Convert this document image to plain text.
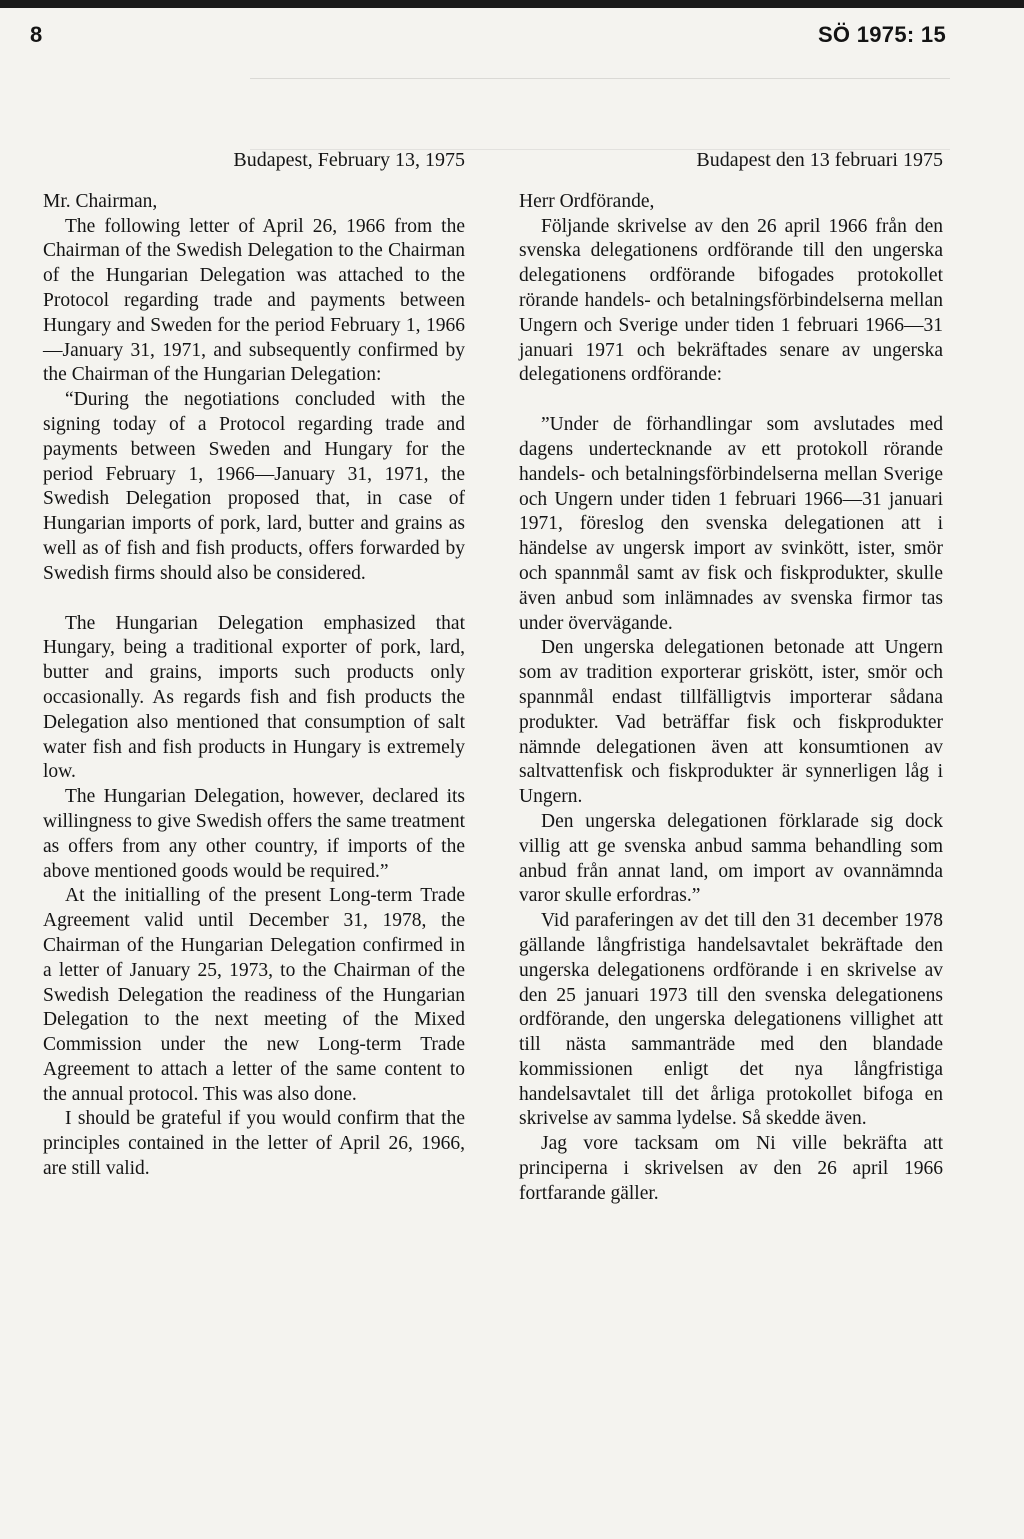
8	SÖ 1975: 15
Budapest, February 13, 1975

Mr. Chairman,

The following letter of April 26, 1966 from the Chairman of the Swedish Delegation to the Chairman of the Hungarian Delegation was attached to the Protocol regarding trade and payments between Hungary and Sweden for the period February 1, 1966—January 31, 1971, and subsequently confirmed by the Chairman of the Hungarian Delegation:

“During the negotiations concluded with the signing today of a Protocol regarding trade and payments between Sweden and Hungary for the period February 1, 1966—January 31, 1971, the Swedish Delegation proposed that, in case of Hungarian imports of pork, lard, butter and grains as well as of fish and fish products, offers forwarded by Swedish firms should also be considered.

The Hungarian Delegation emphasized that Hungary, being a traditional exporter of pork, lard, butter and grains, imports such products only occasionally. As regards fish and fish products the Delegation also mentioned that consumption of salt water fish and fish products in Hungary is extremely low.

The Hungarian Delegation, however, declared its willingness to give Swedish offers the same treatment as offers from any other country, if imports of the above mentioned goods would be required.”

At the initialling of the present Long-term Trade Agreement valid until December 31, 1978, the Chairman of the Hungarian Delegation confirmed in a letter of January 25, 1973, to the Chairman of the Swedish Delegation the readiness of the Hungarian Delegation to the next meeting of the Mixed Commission under the new Long-term Trade Agreement to attach a letter of the same content to the annual protocol. This was also done.

I should be grateful if you would confirm that the principles contained in the letter of April 26, 1966, are still valid.

Budapest den 13 februari 1975

Herr Ordförande,

Följande skrivelse av den 26 april 1966 från den svenska delegationens ordförande till den ungerska delegationens ordförande bifogades protokollet rörande handels- och betalningsförbindelserna mellan Ungern och Sverige under tiden 1 februari 1966—31 januari 1971 och bekräftades senare av ungerska delegationens ordförande:

”Under de förhandlingar som avslutades med dagens undertecknande av ett protokoll rörande handels- och betalningsförbindelserna mellan Sverige och Ungern under tiden 1 februari 1966—31 januari 1971, föreslog den svenska delegationen att i händelse av ungersk import av svinkött, ister, smör och spannmål samt av fisk och fiskprodukter, skulle även anbud som inlämnades av svenska firmor tas under övervägande.

Den ungerska delegationen betonade att Ungern som av tradition exporterar griskött, ister, smör och spannmål endast tillfälligtvis importerar sådana produkter. Vad beträffar fisk och fiskprodukter nämnde delegationen även att konsumtionen av saltvattenfisk och fiskprodukter är synnerligen låg i Ungern.

Den ungerska delegationen förklarade sig dock villig att ge svenska anbud samma behandling som anbud från annat land, om import av ovannämnda varor skulle erfordras.”

Vid paraferingen av det till den 31 december 1978 gällande långfristiga handelsavtalet bekräftade den ungerska delegationens ordförande i en skrivelse av den 25 januari 1973 till den svenska delegationens ordförande, den ungerska delegationens villighet att till nästa sammanträde med den blandade kommissionen enligt det nya långfristiga handelsavtalet till det årliga protokollet bifoga en skrivelse av samma lydelse. Så skedde även.

Jag vore tacksam om Ni ville bekräfta att principerna i skrivelsen av den 26 april 1966 fortfarande gäller.
